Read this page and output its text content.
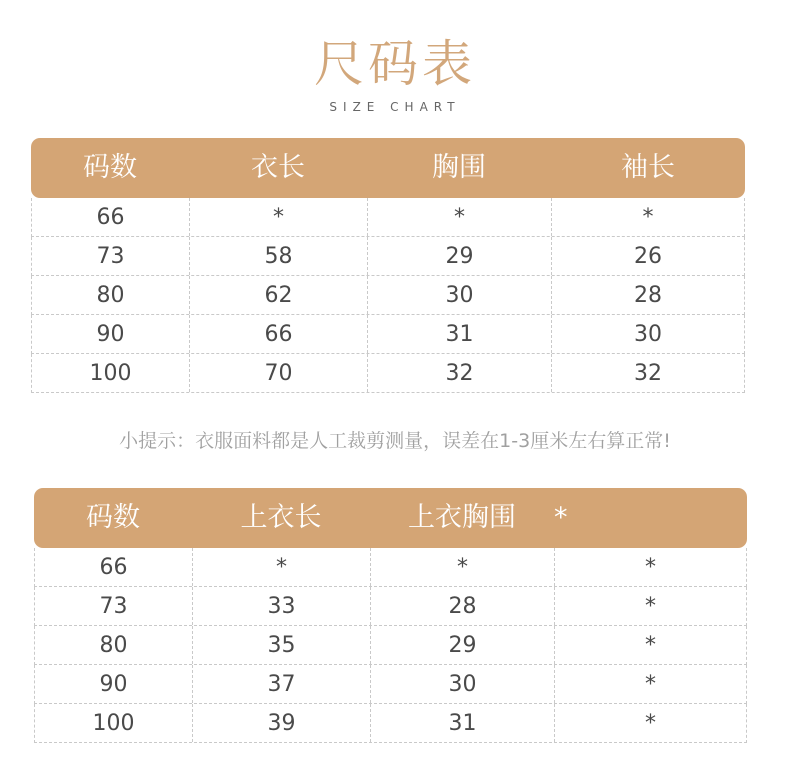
尺码表
SIZE CHART
码数	衣长	胸围	袖长
66	*	*	*
73	58	29	26
80	62	30	28
90	66	31	30
100	70	32	32
小提示：衣服面料都是人工裁剪测量，误差在1-3厘米左右算正常!
码数	上衣长	上衣胸围	*
66	*	*	*
73	33	28	*
80	35	29	*
90	37	30	*
100	39	31	*
